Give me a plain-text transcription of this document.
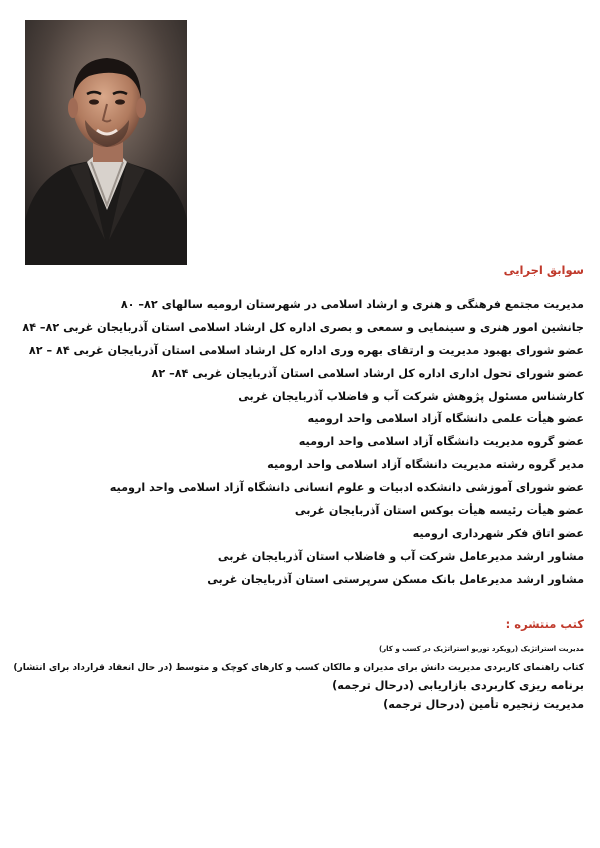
سوابق اجرایی
مدیریت مجتمع فرهنگی و هنری و ارشاد اسلامی در شهرستان ارومیه سالهای ۸۲– ۸۰
جانشین امور هنری و سینمایی و سمعی و بصری اداره کل ارشاد اسلامی استان آذربایجان غربی ۸۲– ۸۴
عضو شورای بهبود مدیریت و ارتقای بهره وری اداره کل ارشاد اسلامی استان آذربایجان غربی ۸۴ – ۸۲
عضو شورای تحول اداری اداره کل ارشاد اسلامی استان آذربایجان غربی ۸۴– ۸۲
کارشناس مسئول پژوهش شرکت آب و فاضلاب آذربایجان غربی
عضو هیأت علمی دانشگاه آزاد اسلامی واحد ارومیه
عضو گروه مدیریت دانشگاه آزاد اسلامی واحد ارومیه
مدیر گروه رشته مدیریت دانشگاه آزاد اسلامی واحد ارومیه
عضو شورای آموزشی دانشکده ادبیات و علوم انسانی دانشگاه آزاد اسلامی واحد ارومیه
عضو هیأت رئیسه هیأت بوکس استان آذربایجان غربی
عضو اتاق فکر شهرداری ارومیه
مشاور ارشد مدیرعامل شرکت آب و فاضلاب استان آذربایجان غربی
مشاور ارشد مدیرعامل بانک مسکن سرپرستی استان آذربایجان غربی
کتب منتشره :
مدیریت استراتژیک (رویکرد توربو استراتژیک در کسب و کار)
کتاب راهنمای کاربردی مدیریت دانش برای مدیران و مالکان کسب و کارهای کوچک و متوسط (در حال انعقاد قرارداد برای انتشار)
برنامه ریزی کاربردی بازاریابی (درحال ترجمه)
مدیریت زنجیره تأمین (درحال ترجمه)
